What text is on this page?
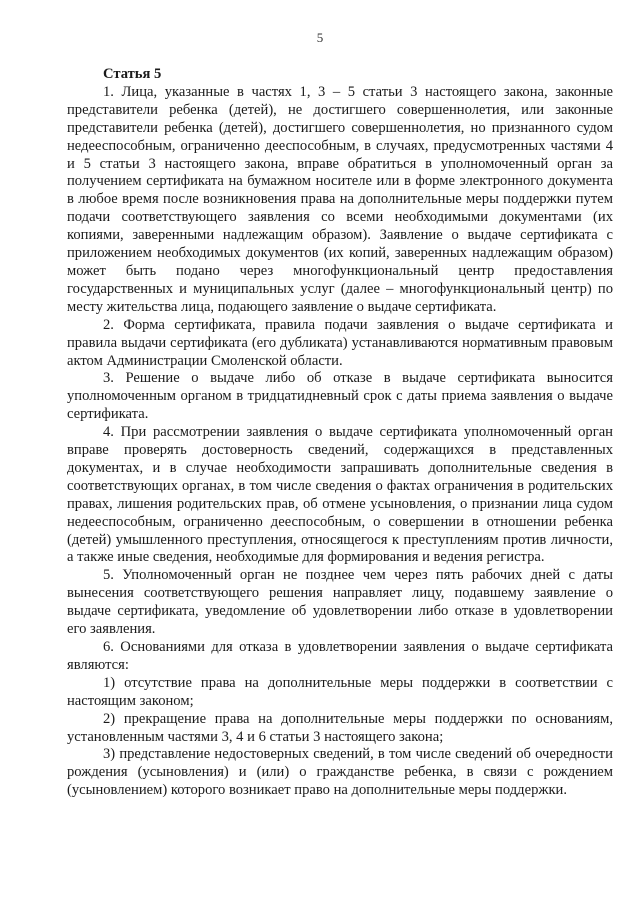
5

Статья 5

1. Лица, указанные в частях 1, 3 – 5 статьи 3 настоящего закона, законные представители ребенка (детей), не достигшего совершеннолетия, или законные представители ребенка (детей), достигшего совершеннолетия, но признанного судом недееспособным, ограниченно дееспособным, в случаях, предусмотренных частями 4 и 5 статьи 3 настоящего закона, вправе обратиться в уполномоченный орган за получением сертификата на бумажном носителе или в форме электронного документа в любое время после возникновения права на дополнительные меры поддержки путем подачи соответствующего заявления со всеми необходимыми документами (их копиями, заверенными надлежащим образом). Заявление о выдаче сертификата с приложением необходимых документов (их копий, заверенных надлежащим образом) может быть подано через многофункциональный центр предоставления государственных и муниципальных услуг (далее – многофункциональный центр) по месту жительства лица, подающего заявление о выдаче сертификата.

2. Форма сертификата, правила подачи заявления о выдаче сертификата и правила выдачи сертификата (его дубликата) устанавливаются нормативным правовым актом Администрации Смоленской области.

3. Решение о выдаче либо об отказе в выдаче сертификата выносится уполномоченным органом в тридцатидневный срок с даты приема заявления о выдаче сертификата.

4. При рассмотрении заявления о выдаче сертификата уполномоченный орган вправе проверять достоверность сведений, содержащихся в представленных документах, и в случае необходимости запрашивать дополнительные сведения в соответствующих органах, в том числе сведения о фактах ограничения в родительских правах, лишения родительских прав, об отмене усыновления, о признании лица судом недееспособным, ограниченно дееспособным, о совершении в отношении ребенка (детей) умышленного преступления, относящегося к преступлениям против личности, а также иные сведения, необходимые для формирования и ведения регистра.

5. Уполномоченный орган не позднее чем через пять рабочих дней с даты вынесения соответствующего решения направляет лицу, подавшему заявление о выдаче сертификата, уведомление об удовлетворении либо отказе в удовлетворении его заявления.

6. Основаниями для отказа в удовлетворении заявления о выдаче сертификата являются:

1) отсутствие права на дополнительные меры поддержки в соответствии с настоящим законом;

2) прекращение права на дополнительные меры поддержки по основаниям, установленным частями 3, 4 и 6 статьи 3 настоящего закона;

3) представление недостоверных сведений, в том числе сведений об очередности рождения (усыновления) и (или) о гражданстве ребенка, в связи с рождением (усыновлением) которого возникает право на дополнительные меры поддержки.
